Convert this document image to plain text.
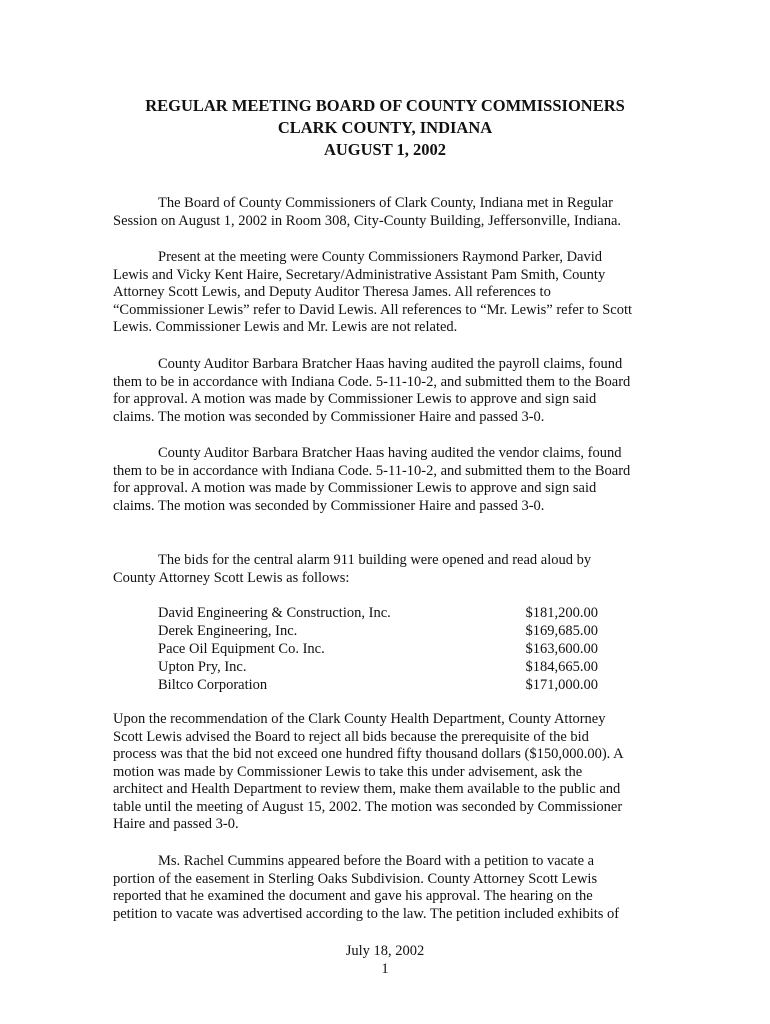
REGULAR MEETING BOARD OF COUNTY COMMISSIONERS
CLARK COUNTY, INDIANA
AUGUST 1, 2002
The Board of County Commissioners of Clark County, Indiana met in Regular
Session on August 1, 2002 in Room 308, City-County Building, Jeffersonville, Indiana.
Present at the meeting were County Commissioners Raymond Parker, David
Lewis and Vicky Kent Haire, Secretary/Administrative Assistant Pam Smith, County
Attorney Scott Lewis, and Deputy Auditor Theresa James. All references to
“Commissioner Lewis” refer to David Lewis. All references to “Mr. Lewis” refer to Scott
Lewis. Commissioner Lewis and Mr. Lewis are not related.
County Auditor Barbara Bratcher Haas having audited the payroll claims, found
them to be in accordance with Indiana Code. 5-11-10-2, and submitted them to the Board
for approval. A motion was made by Commissioner Lewis to approve and sign said
claims. The motion was seconded by Commissioner Haire and passed 3-0.
County Auditor Barbara Bratcher Haas having audited the vendor claims, found
them to be in accordance with Indiana Code. 5-11-10-2, and submitted them to the Board
for approval. A motion was made by Commissioner Lewis to approve and sign said
claims. The motion was seconded by Commissioner Haire and passed 3-0.
The bids for the central alarm 911 building were opened and read aloud by
County Attorney Scott Lewis as follows:
David Engineering & Construction, Inc.	$181,200.00
Derek Engineering, Inc.	$169,685.00
Pace Oil Equipment Co. Inc.	$163,600.00
Upton Pry, Inc.	$184,665.00
Biltco Corporation	$171,000.00
Upon the recommendation of the Clark County Health Department, County Attorney
Scott Lewis advised the Board to reject all bids because the prerequisite of the bid
process was that the bid not exceed one hundred fifty thousand dollars ($150,000.00). A
motion was made by Commissioner Lewis to take this under advisement, ask the
architect and Health Department to review them, make them available to the public and
table until the meeting of August 15, 2002. The motion was seconded by Commissioner
Haire and passed 3-0.
Ms. Rachel Cummins appeared before the Board with a petition to vacate a
portion of the easement in Sterling Oaks Subdivision. County Attorney Scott Lewis
reported that he examined the document and gave his approval. The hearing on the
petition to vacate was advertised according to the law. The petition included exhibits of
July 18, 2002
1
